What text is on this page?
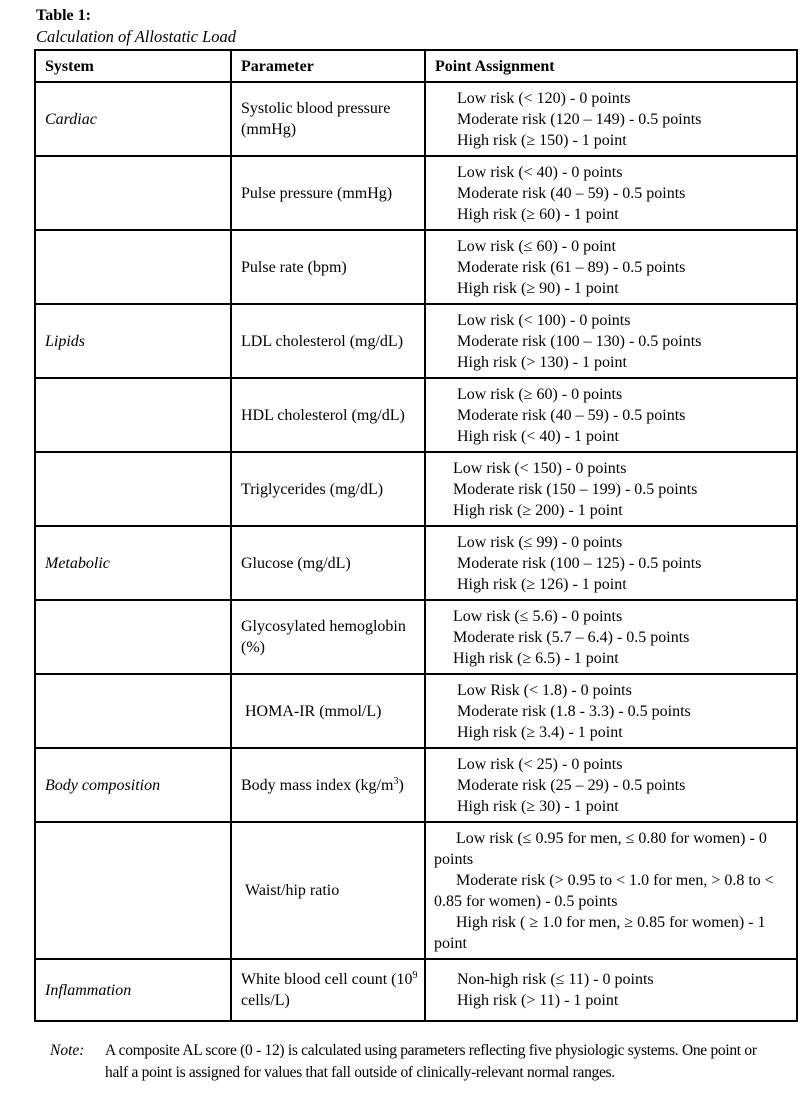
Table 1:
Calculation of Allostatic Load
System	Parameter	Point Assignment
Cardiac	Systolic blood pressure (mmHg)	Low risk (< 120) - 0 points
Moderate risk (120 – 149) - 0.5 points
High risk (≥ 150) - 1 point

	Pulse pressure (mmHg)	Low risk (< 40) - 0 points
Moderate risk (40 – 59) - 0.5 points
High risk (≥ 60) - 1 point

	Pulse rate (bpm)	Low risk (≤ 60) - 0 point
Moderate risk (61 – 89) - 0.5 points
High risk (≥ 90) - 1 point

Lipids	LDL cholesterol (mg/dL)	Low risk (< 100) - 0 points
Moderate risk (100 – 130) - 0.5 points
High risk (> 130) - 1 point

	HDL cholesterol (mg/dL)	Low risk (≥ 60) - 0 points
Moderate risk (40 – 59) - 0.5 points
High risk (< 40) - 1 point

	Triglycerides (mg/dL)	Low risk (< 150) - 0 points
Moderate risk (150 – 199) - 0.5 points
High risk (≥ 200) - 1 point

Metabolic	Glucose (mg/dL)	Low risk (≤ 99) - 0 points
Moderate risk (100 – 125) - 0.5 points
High risk (≥ 126) - 1 point

	Glycosylated hemoglobin (%)	Low risk (≤ 5.6) - 0 points
Moderate risk (5.7 – 6.4) - 0.5 points
High risk (≥ 6.5) - 1 point

	HOMA-IR (mmol/L)	Low Risk (< 1.8) - 0 points
Moderate risk (1.8 - 3.3) - 0.5 points
High risk (≥ 3.4) - 1 point

Body composition	Body mass index $(kg/m^3)$	Low risk (< 25) - 0 points
Moderate risk (25 – 29) - 0.5 points
High risk (≥ 30) - 1 point

	Waist/hip ratio	Low risk (≤ 0.95 for men, ≤ 0.80 for women) - 0 points
Moderate risk (> 0.95 to < 1.0 for men, > 0.8 to < 0.85 for women) - 0.5 points
High risk ( ≥ 1.0 for men, ≥ 0.85 for women) - 1 point

Inflammation	White blood cell count ($10^9$ cells/L)	Non-high risk (≤ 11) - 0 points
High risk (> 11) - 1 point
Note: A composite AL score (0 - 12) is calculated using parameters reflecting five physiologic systems. One point or half a point is assigned for values that fall outside of clinically-relevant normal ranges.
